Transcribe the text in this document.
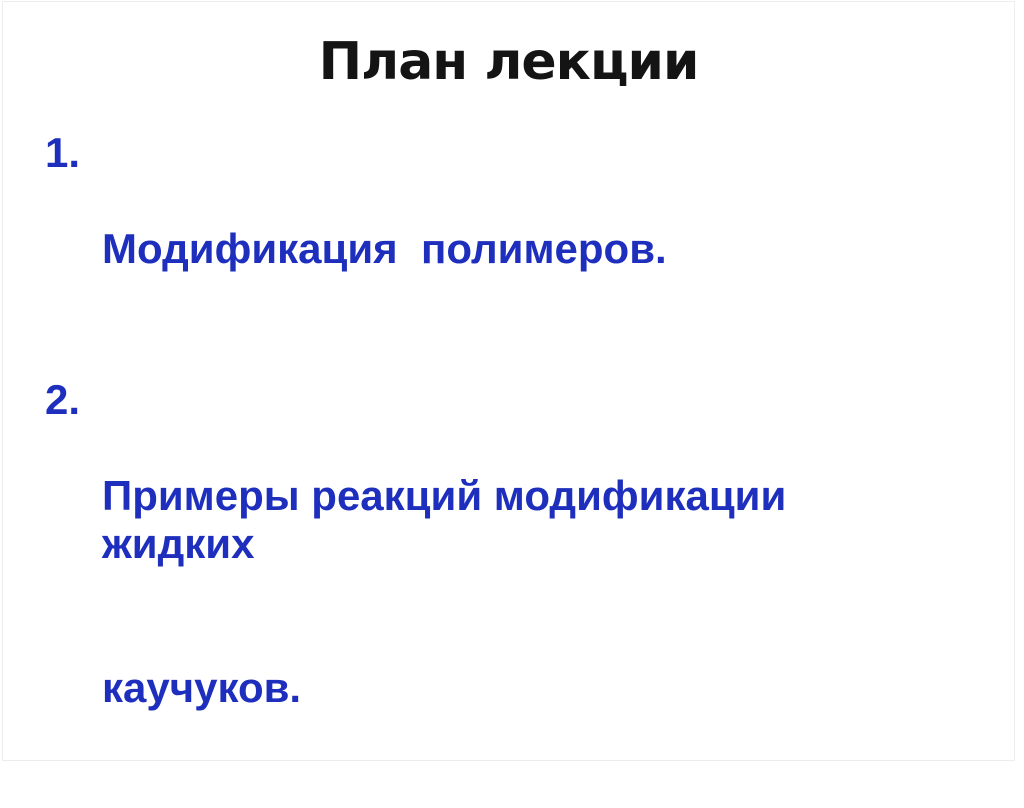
План лекции
1.

Модификация  полимеров.

2.

Примеры реакций модификации жидких

каучуков.
